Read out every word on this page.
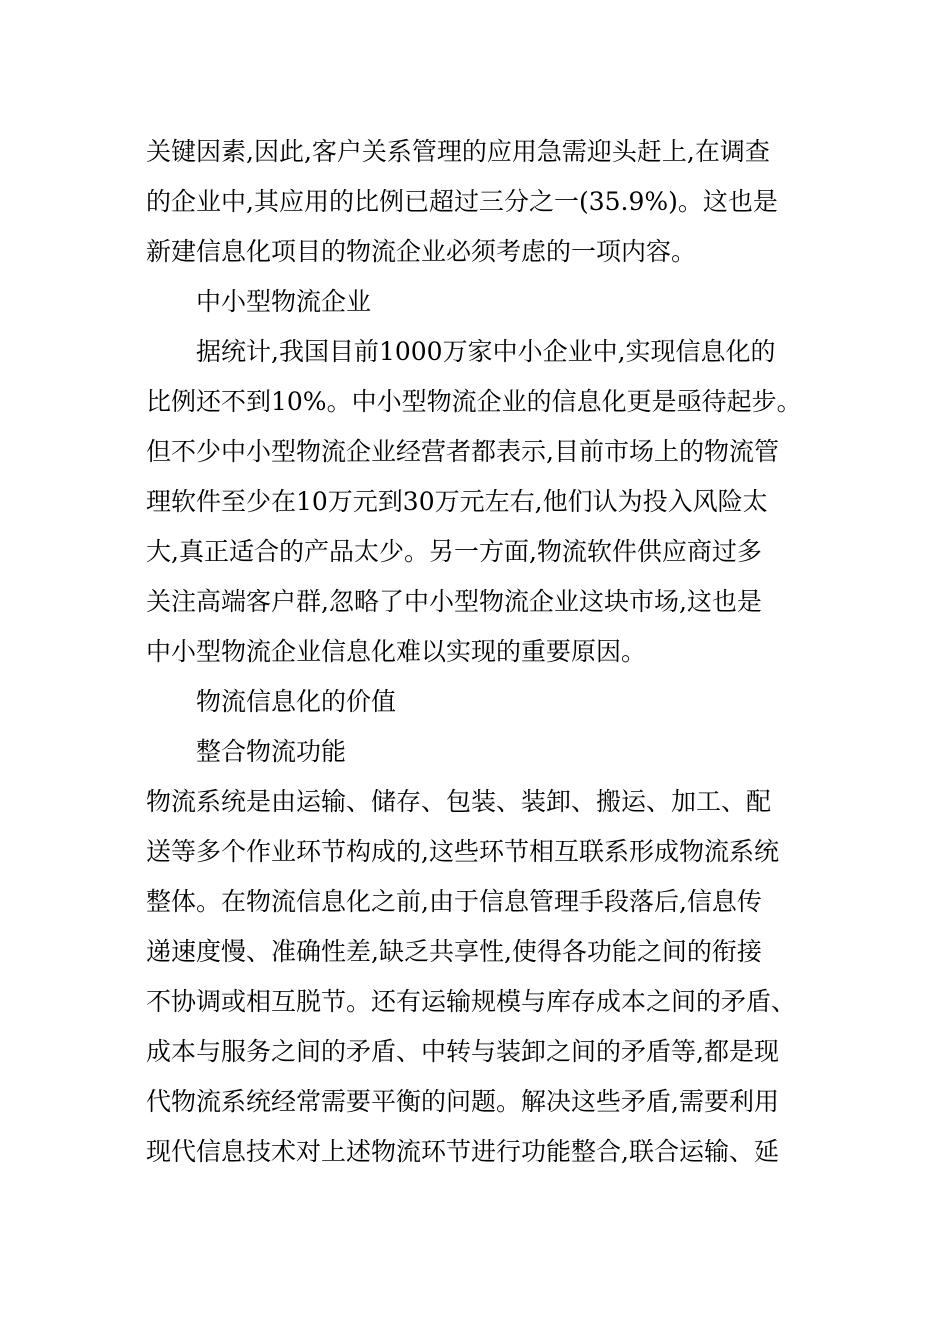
关键因素,因此,客户关系管理的应用急需迎头赶上,在调查
的企业中,其应用的比例已超过三分之一(35.9%)。这也是
新建信息化项目的物流企业必须考虑的一项内容。
中小型物流企业
据统计,我国目前1000万家中小企业中,实现信息化的
比例还不到10%。中小型物流企业的信息化更是亟待起步。
但不少中小型物流企业经营者都表示,目前市场上的物流管
理软件至少在10万元到30万元左右,他们认为投入风险太
大,真正适合的产品太少。另一方面,物流软件供应商过多
关注高端客户群,忽略了中小型物流企业这块市场,这也是
中小型物流企业信息化难以实现的重要原因。
物流信息化的价值
整合物流功能
物流系统是由运输、储存、包装、装卸、搬运、加工、配
送等多个作业环节构成的,这些环节相互联系形成物流系统
整体。在物流信息化之前,由于信息管理手段落后,信息传
递速度慢、准确性差,缺乏共享性,使得各功能之间的衔接
不协调或相互脱节。还有运输规模与库存成本之间的矛盾、
成本与服务之间的矛盾、中转与装卸之间的矛盾等,都是现
代物流系统经常需要平衡的问题。解决这些矛盾,需要利用
现代信息技术对上述物流环节进行功能整合,联合运输、延
